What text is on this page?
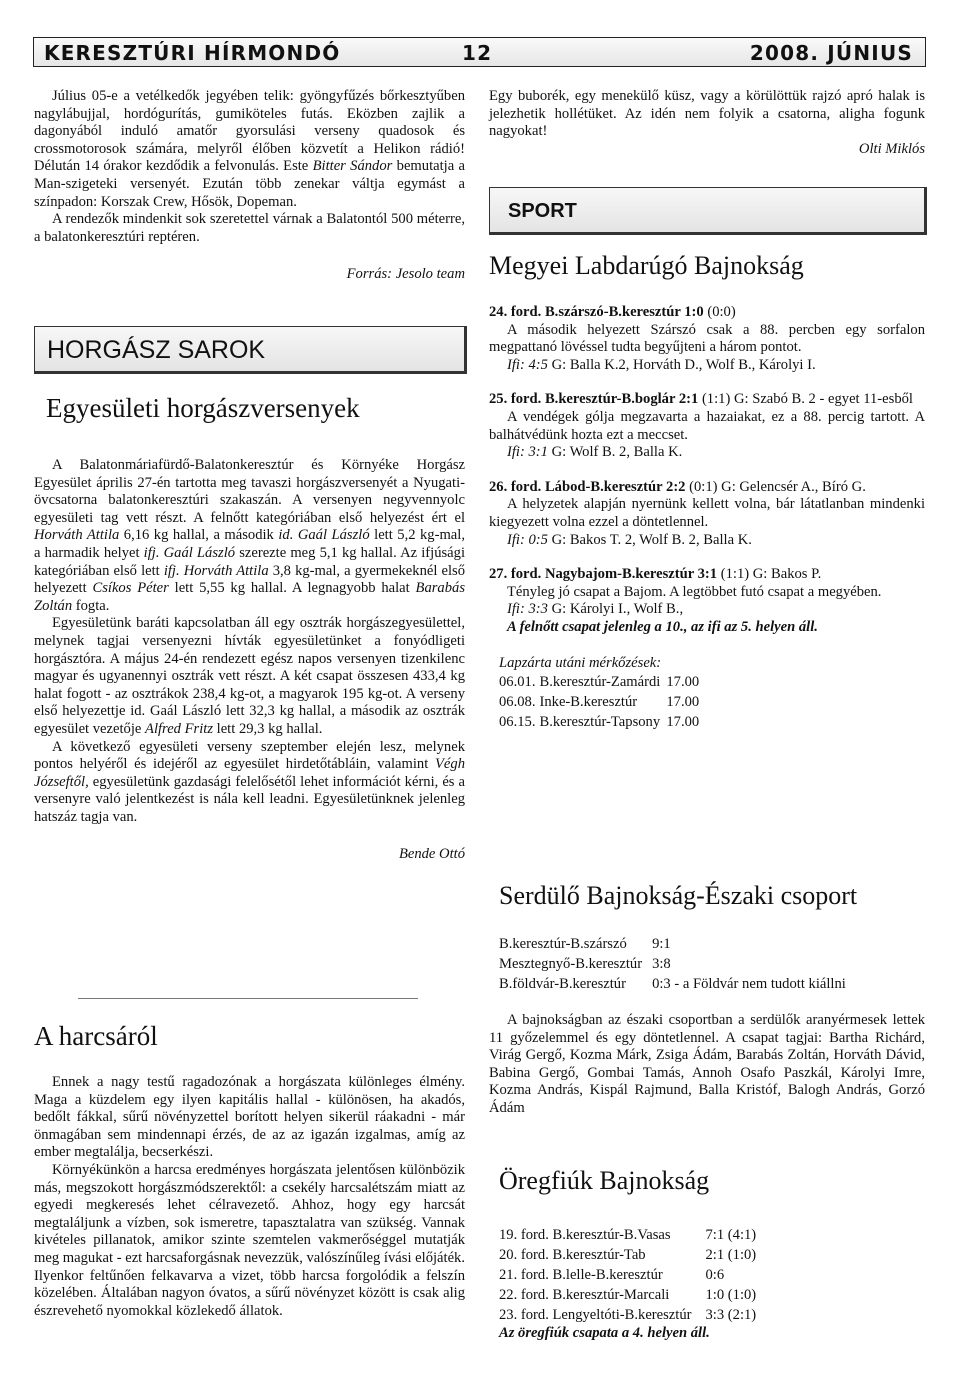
KERESZTÚRI HÍRMONDÓ	12	2008. JÚNIUS

Július 05-e a vetélkedők jegyében telik: gyöngyfűzés bőrkesztyűben nagylábujjal, hordógurítás, gumiköteles futás. Eközben zajlik a dagonyából induló amatőr gyorsulási verseny quadosok és crossmotorosok számára, melyről élőben közvetít a Helikon rádió! Délután 14 órakor kezdődik a felvonulás. Este Bitter Sándor bemutatja a Man-szigeteki versenyét. Ezután több zenekar váltja egymást a színpadon: Korszak Crew, Hősök, Dopeman.

A rendezők mindenkit sok szeretettel várnak a Balatontól 500 méterre, a balatonkeresztúri reptéren.

Forrás: Jesolo team

HORGÁSZ SAROK

Egyesületi horgászversenyek

A Balatonmáriafürdő-Balatonkeresztúr és Környéke Horgász Egyesület április 27-én tartotta meg tavaszi horgászversenyét a Nyugati-övcsatorna balatonkeresztúri szakaszán. A versenyen negyvennyolc egyesületi tag vett részt. A felnőtt kategóriában első helyezést ért el Horváth Attila 6,16 kg hallal, a második id. Gaál László lett 5,2 kg-mal, a harmadik helyet ifj. Gaál László szerezte meg 5,1 kg hallal. Az ifjúsági kategóriában első lett ifj. Horváth Attila 3,8 kg-mal, a gyermekeknél első helyezett Csíkos Péter lett 5,55 kg hallal. A legnagyobb halat Barabás Zoltán fogta.

Egyesületünk baráti kapcsolatban áll egy osztrák horgászegyesülettel, melynek tagjai versenyezni hívták egyesületünket a fonyódligeti horgásztóra. A május 24-én rendezett egész napos versenyen tizenkilenc magyar és ugyanennyi osztrák vett részt. A két csapat összesen 433,4 kg halat fogott - az osztrákok 238,4 kg-ot, a magyarok 195 kg-ot. A verseny első helyezettje id. Gaál László lett 32,3 kg hallal, a második az osztrák egyesület vezetője Alfred Fritz lett 29,3 kg hallal.

A következő egyesületi verseny szeptember elején lesz, melynek pontos helyéről és idejéről az egyesület hirdetőtábláin, valamint Végh Józseftől, egyesületünk gazdasági felelősétől lehet információt kérni, és a versenyre való jelentkezést is nála kell leadni. Egyesületünknek jelenleg hatszáz tagja van.

Bende Ottó

A harcsáról

Ennek a nagy testű ragadozónak a horgászata különleges élmény. Maga a küzdelem egy ilyen kapitális hallal - különösen, ha akadós, bedőlt fákkal, sűrű növényzettel borított helyen sikerül ráakadni - már önmagában sem mindennapi érzés, de az az igazán izgalmas, amíg az ember megtalálja, becserkészi.

Környékünkön a harcsa eredményes horgászata jelentősen különbözik más, megszokott horgászmódszerektől: a csekély harcsalétszám miatt az egyedi megkeresés lehet célravezető. Ahhoz, hogy egy harcsát megtaláljunk a vízben, sok ismeretre, tapasztalatra van szükség. Vannak kivételes pillanatok, amikor szinte szemtelen vakmerőséggel mutatják meg magukat - ezt harcsaforgásnak nevezzük, valószínűleg ívási előjáték. Ilyenkor feltűnően felkavarva a vizet, több harcsa forgolódik a felszín közelében. Általában nagyon óvatos, a sűrű növényzet között is csak alig észrevehető nyomokkal közlekedő állatok.

Egy buborék, egy menekülő küsz, vagy a körülöttük rajzó apró halak is jelezhetik hollétüket. Az idén nem folyik a csatorna, aligha fogunk nagyokat!

Olti Miklós

SPORT

Megyei Labdarúgó Bajnokság

24. ford. B.szárszó-B.keresztúr 1:0 (0:0)

A második helyezett Szárszó csak a 88. percben egy sorfalon megpattanó lövéssel tudta begyűjteni a három pontot.

Ifi: 4:5 G: Balla K.2, Horváth D., Wolf B., Károlyi I.

25. ford. B.keresztúr-B.boglár 2:1 (1:1) G: Szabó B. 2 - egyet 11-esből

A vendégek gólja megzavarta a hazaiakat, ez a 88. percig tartott. A balhátvédünk hozta ezt a meccset.

Ifi: 3:1 G: Wolf B. 2, Balla K.

26. ford. Lábod-B.keresztúr 2:2 (0:1) G: Gelencsér A., Bíró G.

A helyzetek alapján nyernünk kellett volna, bár látatlanban mindenki kiegyezett volna ezzel a döntetlennel.

Ifi: 0:5 G: Bakos T. 2, Wolf B. 2, Balla K.

27. ford. Nagybajom-B.keresztúr 3:1 (1:1) G: Bakos P.

Tényleg jó csapat a Bajom. A legtöbbet futó csapat a megyében.

Ifi: 3:3 G: Károlyi I., Wolf B.,

A felnőtt csapat jelenleg a 10., az ifi az 5. helyen áll.

Lapzárta utáni mérkőzések:

06.01.	B.keresztúr-Zamárdi	17.00
06.08.	Inke-B.keresztúr	17.00
06.15.	B.keresztúr-Tapsony	17.00

Serdülő Bajnokság-Északi csoport

B.keresztúr-B.szárszó	9:1
Mesztegnyő-B.keresztúr	3:8
B.földvár-B.keresztúr	0:3 - a Földvár nem tudott kiállni

A bajnokságban az északi csoportban a serdülők aranyérmesek lettek 11 győzelemmel és egy döntetlennel. A csapat tagjai: Bartha Richárd, Virág Gergő, Kozma Márk, Zsiga Ádám, Barabás Zoltán, Horváth Dávid, Babina Gergő, Gombai Tamás, Annoh Osafo Paszkál, Károlyi Imre, Kozma András, Kispál Rajmund, Balla Kristóf, Balogh András, Gorzó Ádám

Öregfiúk Bajnokság

19. ford. B.keresztúr-B.Vasas	7:1 (4:1)
20. ford. B.keresztúr-Tab	2:1 (1:0)
21. ford. B.lelle-B.keresztúr	0:6
22. ford. B.keresztúr-Marcali	1:0 (1:0)
23. ford. Lengyeltóti-B.keresztúr	3:3 (2:1)

Az öregfiúk csapata a 4. helyen áll.
